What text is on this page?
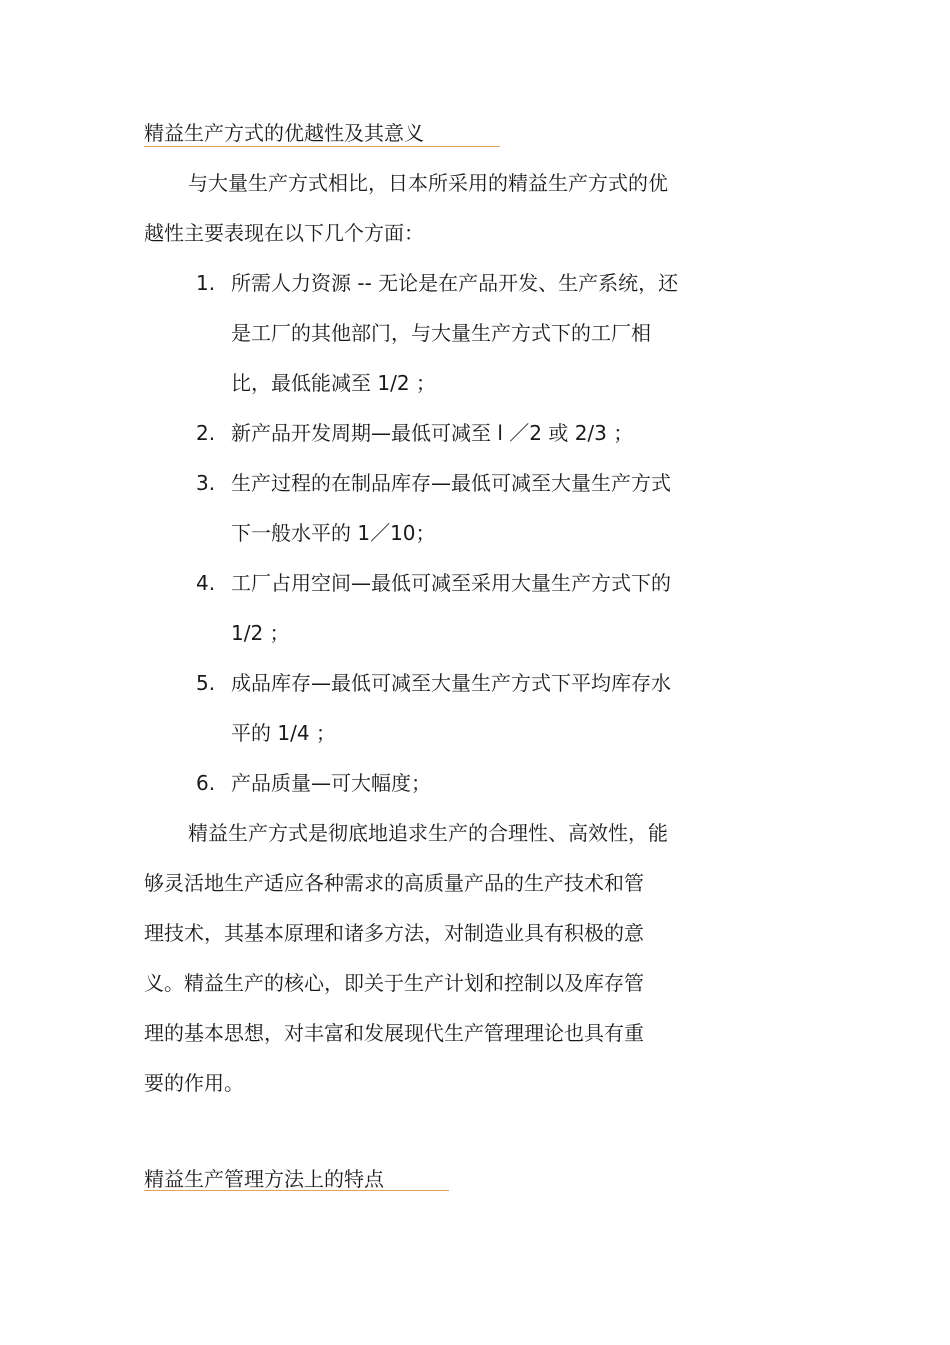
精益生产方式的优越性及其意义
与大量生产方式相比，日本所采用的精益生产方式的优
越性主要表现在以下几个方面：
1. 所需人力资源 -- 无论是在产品开发、生产系统，还
是工厂的其他部门，与大量生产方式下的工厂相
比，最低能减至 1/2 ；
2. 新产品开发周期—最低可减至 l ／2 或 2/3 ；
3. 生产过程的在制品库存—最低可减至大量生产方式
下一般水平的 1／10；
4. 工厂占用空间—最低可减至采用大量生产方式下的
1/2 ；
5. 成品库存—最低可减至大量生产方式下平均库存水
平的 1/4 ；
6. 产品质量—可大幅度；
精益生产方式是彻底地追求生产的合理性、高效性，能
够灵活地生产适应各种需求的高质量产品的生产技术和管
理技术，其基本原理和诸多方法，对制造业具有积极的意
义。精益生产的核心，即关于生产计划和控制以及库存管
理的基本思想，对丰富和发展现代生产管理理论也具有重
要的作用。
精益生产管理方法上的特点
